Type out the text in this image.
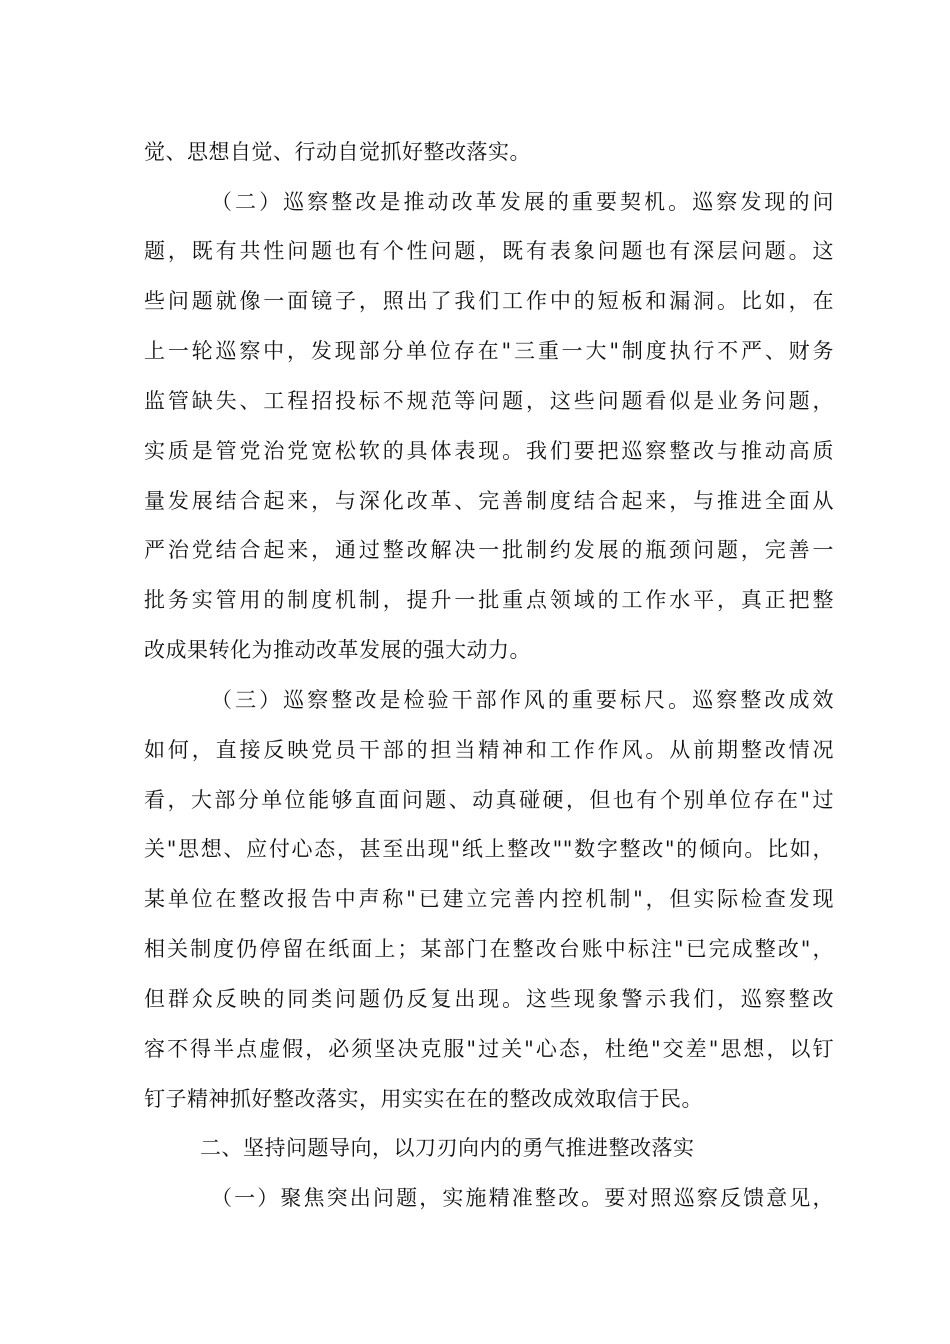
觉、思想自觉、行动自觉抓好整改落实。
（二）巡察整改是推动改革发展的重要契机。巡察发现的问
题，既有共性问题也有个性问题，既有表象问题也有深层问题。这
些问题就像一面镜子，照出了我们工作中的短板和漏洞。比如，在
上一轮巡察中，发现部分单位存在"三重一大"制度执行不严、财务
监管缺失、工程招投标不规范等问题，这些问题看似是业务问题，
实质是管党治党宽松软的具体表现。我们要把巡察整改与推动高质
量发展结合起来，与深化改革、完善制度结合起来，与推进全面从
严治党结合起来，通过整改解决一批制约发展的瓶颈问题，完善一
批务实管用的制度机制，提升一批重点领域的工作水平，真正把整
改成果转化为推动改革发展的强大动力。
（三）巡察整改是检验干部作风的重要标尺。巡察整改成效
如何，直接反映党员干部的担当精神和工作作风。从前期整改情况
看，大部分单位能够直面问题、动真碰硬，但也有个别单位存在"过
关"思想、应付心态，甚至出现"纸上整改""数字整改"的倾向。比如，
某单位在整改报告中声称"已建立完善内控机制"，但实际检查发现
相关制度仍停留在纸面上；某部门在整改台账中标注"已完成整改"，
但群众反映的同类问题仍反复出现。这些现象警示我们，巡察整改
容不得半点虚假，必须坚决克服"过关"心态，杜绝"交差"思想，以钉
钉子精神抓好整改落实，用实实在在的整改成效取信于民。
二、坚持问题导向，以刀刃向内的勇气推进整改落实
（一）聚焦突出问题，实施精准整改。要对照巡察反馈意见，
